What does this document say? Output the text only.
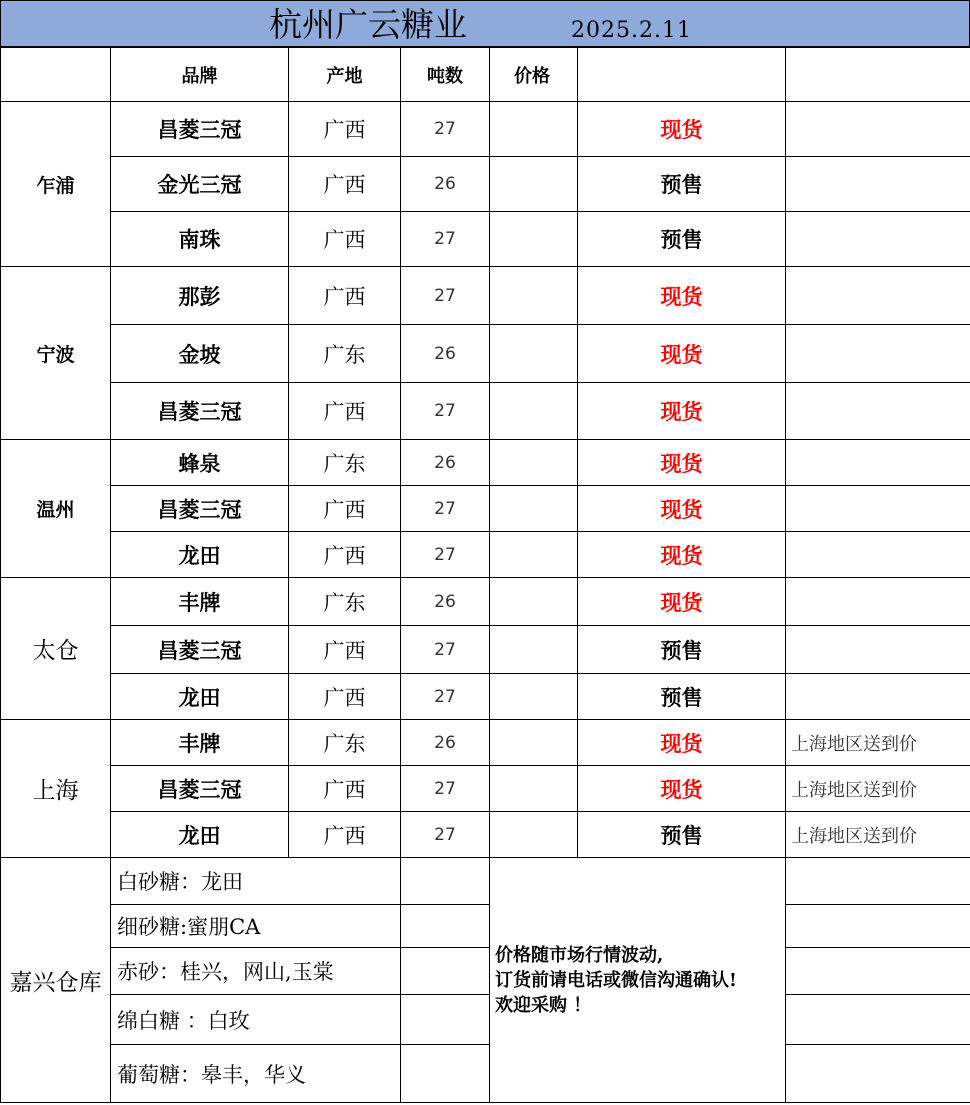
杭州广云糖业	2025.2.11
	品牌	产地	吨数	价格		
乍浦	昌菱三冠	广西	27		现货	
	金光三冠	广西	26		预售	
	南珠	广西	27		预售	
宁波	那彭	广西	27		现货	
	金坡	广东	26		现货	
	昌菱三冠	广西	27		现货	
温州	蜂泉	广东	26		现货	
	昌菱三冠	广西	27		现货	
	龙田	广西	27		现货	
太仓	丰牌	广东	26		现货	
	昌菱三冠	广西	27		预售	
	龙田	广西	27		预售	
上海	丰牌	广东	26		现货	上海地区送到价
	昌菱三冠	广西	27		现货	上海地区送到价
	龙田	广西	27		预售	上海地区送到价
嘉兴仓库	白砂糖：龙田			价格随市场行情波动,
订货前请电话或微信沟通确认!
欢迎采购 ！		

	细砂糖:蜜朋CA					
	赤砂：桂兴，网山,玉棠					
	绵白糖 ：白玫					
	葡萄糖：皋丰，华义					
